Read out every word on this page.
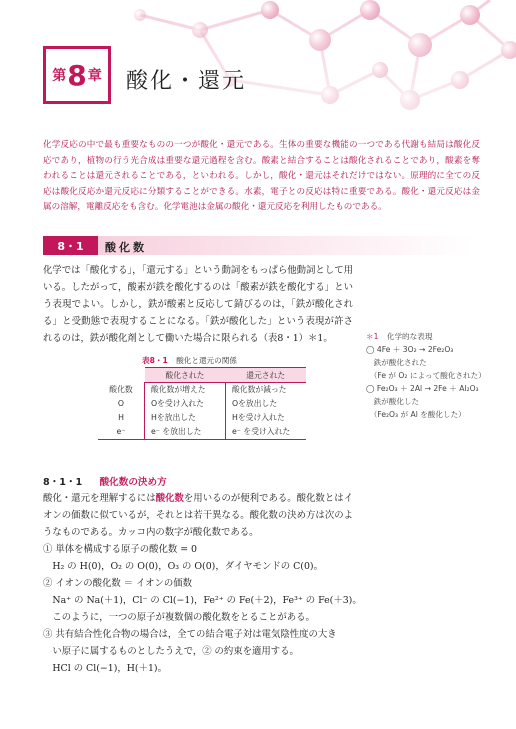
第 8 章 酸化・還元
化学反応の中で最も重要なものの一つが酸化・還元である。生体の重要な機能の一つである代謝も結局は酸化反応であり，植物の行う光合成は重要な還元過程を含む。酸素と結合することは酸化されることであり，酸素を奪われることは還元されることである，といわれる。しかし，酸化・還元はそれだけではない。原理的に全ての反応は酸化反応か還元反応に分類することができる。水素，電子との反応は特に重要である。酸化・還元反応は金属の溶解，電離反応をも含む。化学電池は金属の酸化・還元反応を利用したものである。
8・1	酸化数
化学では「酸化する」，「還元する」という動詞をもっぱら他動詞として用いる。したがって，酸素が鉄を酸化するのは「酸素が鉄を酸化する」という表現でよい。しかし，鉄が酸素と反応して錆びるのは，「鉄が酸化される」と受動態で表現することになる。「鉄が酸化した」という表現が許されるのは，鉄が酸化剤として働いた場合に限られる（表8・1）＊1。	＊1 化学的な表現
◯ 4Fe ＋ 3O₂ → 2Fe₂O₃
　鉄が酸化された
　（Fe が O₂ によって酸化された）
◯ Fe₂O₃ ＋ 2Al → 2Fe ＋ Al₂O₃
　鉄が酸化した
　（Fe₂O₃ が Al を酸化した）
表8・1 酸化と還元の関係
	酸化された	還元された
酸化数	酸化数が増えた	酸化数が減った
O	Oを受け入れた	Oを放出した
H	Hを放出した	Hを受け入れた
e⁻	e⁻ を放出した	e⁻ を受け入れた
8・1・1 酸化数の決め方
酸化・還元を理解するには酸化数を用いるのが便利である。酸化数とはイオンの価数に似ているが，それとは若干異なる。酸化数の決め方は次のようなものである。カッコ内の数字が酸化数である。
① 単体を構成する原子の酸化数 = 0
　H₂ の H(0)，O₂ の O(0)，O₃ の O(0)，ダイヤモンドの C(0)。
② イオンの酸化数 ＝ イオンの価数
　Na⁺ の Na(＋1)，Cl⁻ の Cl(−1)，Fe²⁺ の Fe(＋2)，Fe³⁺ の Fe(＋3)。
　このように，一つの原子が複数個の酸化数をとることがある。
③ 共有結合性化合物の場合は，全ての結合電子対は電気陰性度の大き
　い原子に属するものとしたうえで，② の約束を適用する。
　HCl の Cl(−1)，H(＋1)。
